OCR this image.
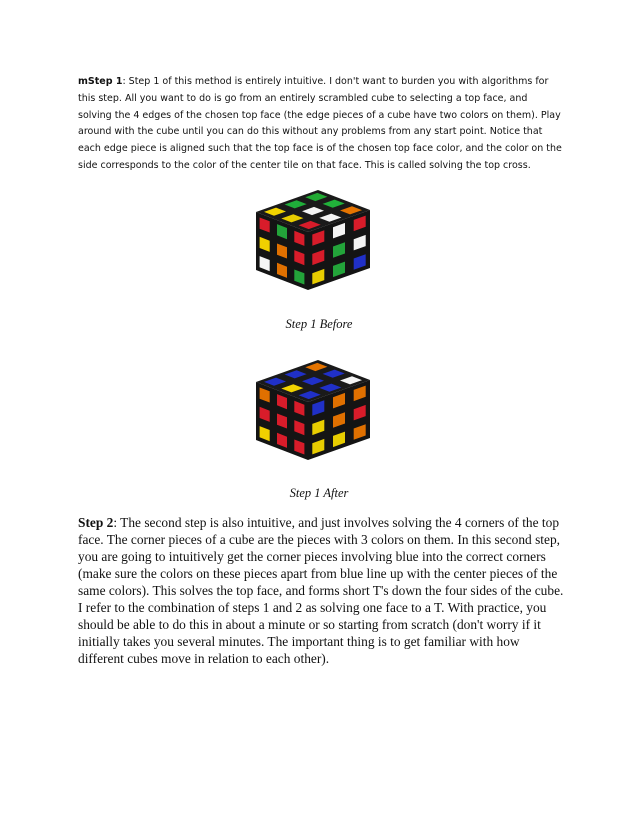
mStep 1: Step 1 of this method is entirely intuitive. I don't want to burden you with algorithms for this step. All you want to do is go from an entirely scrambled cube to selecting a top face, and solving the 4 edges of the chosen top face (the edge pieces of a cube have two colors on them). Play around with the cube until you can do this without any problems from any start point. Notice that each edge piece is aligned such that the top face is of the chosen top face color, and the color on the side corresponds to the color of the center tile on that face. This is called solving the top cross.

Step 1 Before
Step 1 After

Step 2: The second step is also intuitive, and just involves solving the 4 corners of the top face. The corner pieces of a cube are the pieces with 3 colors on them. In this second step, you are going to intuitively get the corner pieces involving blue into the correct corners (make sure the colors on these pieces apart from blue line up with the center pieces of the same colors). This solves the top face, and forms short T's down the four sides of the cube. I refer to the combination of steps 1 and 2 as solving one face to a T. With practice, you should be able to do this in about a minute or so starting from scratch (don't worry if it initially takes you several minutes. The important thing is to get familiar with how different cubes move in relation to each other).
